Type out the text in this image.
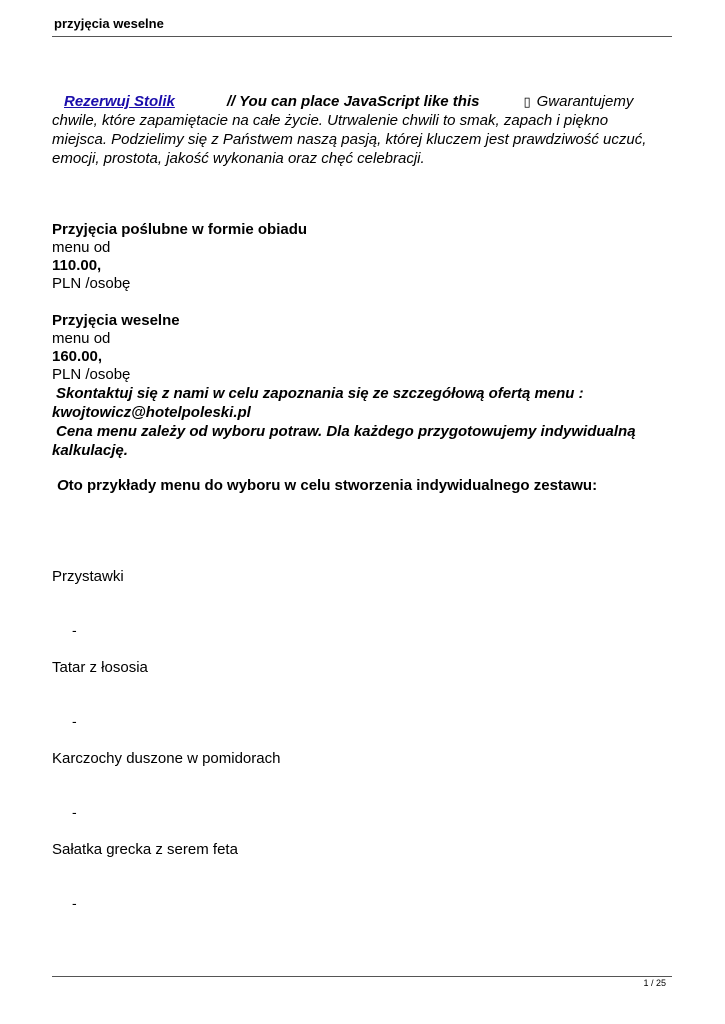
przyjęcia weselne
Rezerwuj Stolik	// You can place JavaScript like this	▯ Gwarantujemy chwile, które zapamiętacie na całe życie. Utrwalenie chwili to smak, zapach i piękno miejsca. Podzielimy się z Państwem naszą pasją, której kluczem jest prawdziwość uczuć, emocji, prostota, jakość wykonania oraz chęć celebracji.
Przyjęcia poślubne w formie obiadu
menu od
110.00,
PLN /osobę
Przyjęcia weselne
menu od
160.00,
PLN /osobę
Skontaktuj się z nami w celu zapoznania się ze szczegółową ofertą menu :
kwojtowicz@hotelpoleski.pl
Cena menu zależy od wyboru potraw. Dla każdego przygotowujemy indywidualną kalkulację.
Oto przykłady menu do wyboru w celu stworzenia indywidualnego zestawu:
Przystawki
-
Tatar z łososia
-
Karczochy duszone w pomidorach
-
Sałatka grecka z serem feta
-
1 / 25
